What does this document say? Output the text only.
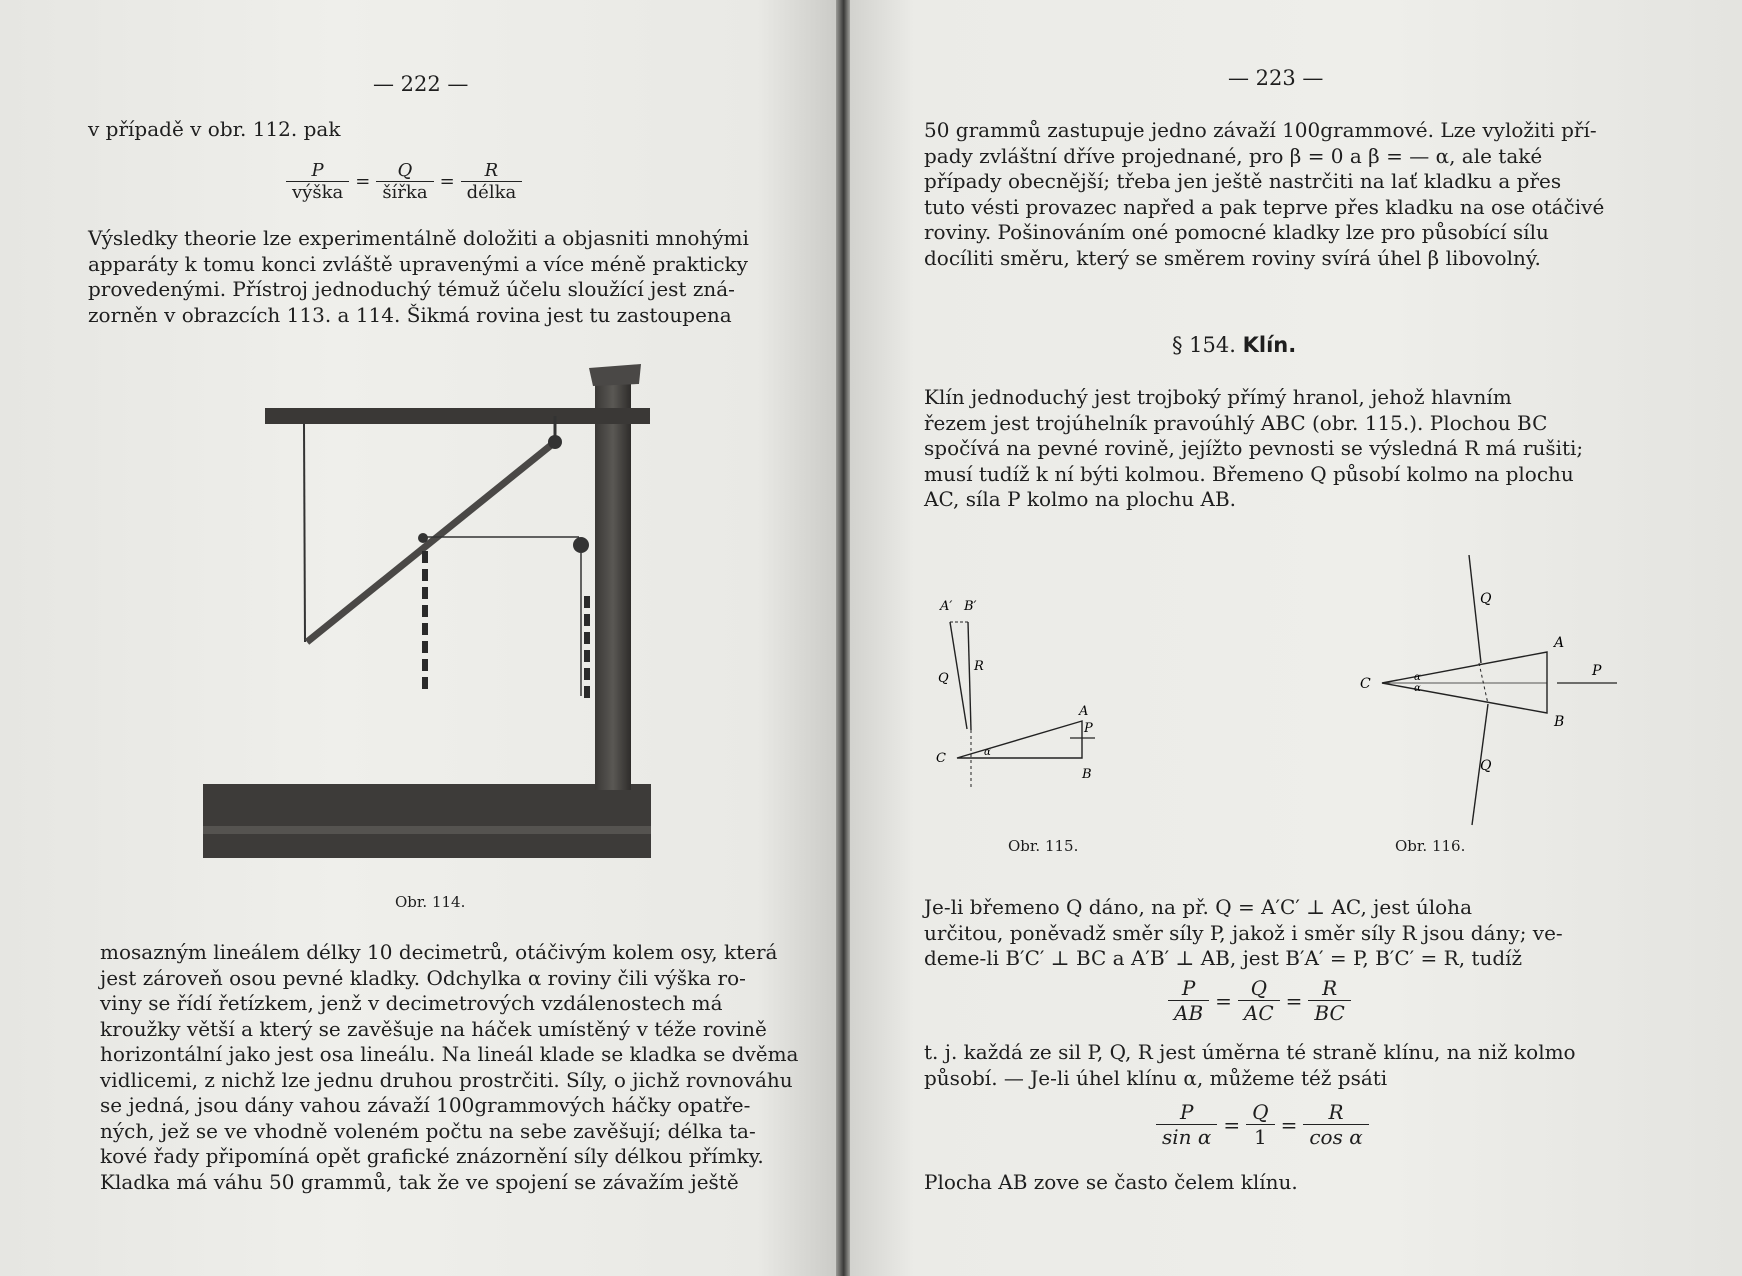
— 222 —
v případě v obr. 112. pak
$\frac{P}{\text{výška}} = \frac{Q}{\text{šířka}} = \frac{R}{\text{délka}}$
Výsledky theorie lze experimentálně doložiti a objasniti mnohými
apparáty k tomu konci zvláště upravenými a více méně prakticky
provedenými. Přístroj jednoduchý témuž účelu sloužící jest zná-
zorněn v obrazcích 113. a 114. Šikmá rovina jest tu zastoupena
Obr. 114.
mosazným lineálem délky 10 decimetrů, otáčivým kolem osy, která
jest zároveň osou pevné kladky. Odchylka α roviny čili výška ro-
viny se řídí řetízkem, jenž v decimetrových vzdálenostech má
kroužky větší a který se zavěšuje na háček umístěný v téže rovině
horizontální jako jest osa lineálu. Na lineál klade se kladka se dvěma
vidlicemi, z nichž lze jednu druhou prostrčiti. Síly, o jichž rovnováhu
se jedná, jsou dány vahou závaží 100grammových háčky opatře-
ných, jež se ve vhodně voleném počtu na sebe zavěšují; délka ta-
kové řady připomíná opět grafické znázornění síly délkou přímky.
Kladka má váhu 50 grammů, tak že ve spojení se závažím ještě
— 223 —
50 grammů zastupuje jedno závaží 100grammové. Lze vyložiti pří-
pady zvláštní dříve projednané, pro β = 0 a β = — α, ale také
případy obecnější; třeba jen ještě nastrčiti na lať kladku a přes
tuto vésti provazec napřed a pak teprve přes kladku na ose otáčivé
roviny. Pošinováním oné pomocné kladky lze pro působící sílu
docíliti směru, který se směrem roviny svírá úhel β libovolný.
§ 154. Klín.
Klín jednoduchý jest trojboký přímý hranol, jehož hlavním
řezem jest trojúhelník pravoúhlý ABC (obr. 115.). Plochou BC
spočívá na pevné rovině, jejížto pevnosti se výsledná R má rušiti;
musí tudíž k ní býti kolmou. Břemeno Q působí kolmo na plochu
AC, síla P kolmo na plochu AB.
A′ B′
Q
R
A
C	α
P
B
Obr. 115.
Q
A
C	α
α
P
B
Q
Obr. 116.
Je-li břemeno Q dáno, na př. Q = A′C′ ⊥ AC, jest úloha
určitou, poněvadž směr síly P, jakož i směr síly R jsou dány; ve-
deme-li B′C′ ⊥ BC a A′B′ ⊥ AB, jest B′A′ = P, B′C′ = R, tudíž
$\frac{P}{AB} = \frac{Q}{AC} = \frac{R}{BC}$
t. j. každá ze sil P, Q, R jest úměrna té straně klínu, na niž kolmo
působí. — Je-li úhel klínu α, můžeme též psáti
$\frac{P}{\text{sin α}} = \frac{Q}{1} = \frac{R}{\text{cos α}}$
Plocha AB zove se často čelem klínu.
